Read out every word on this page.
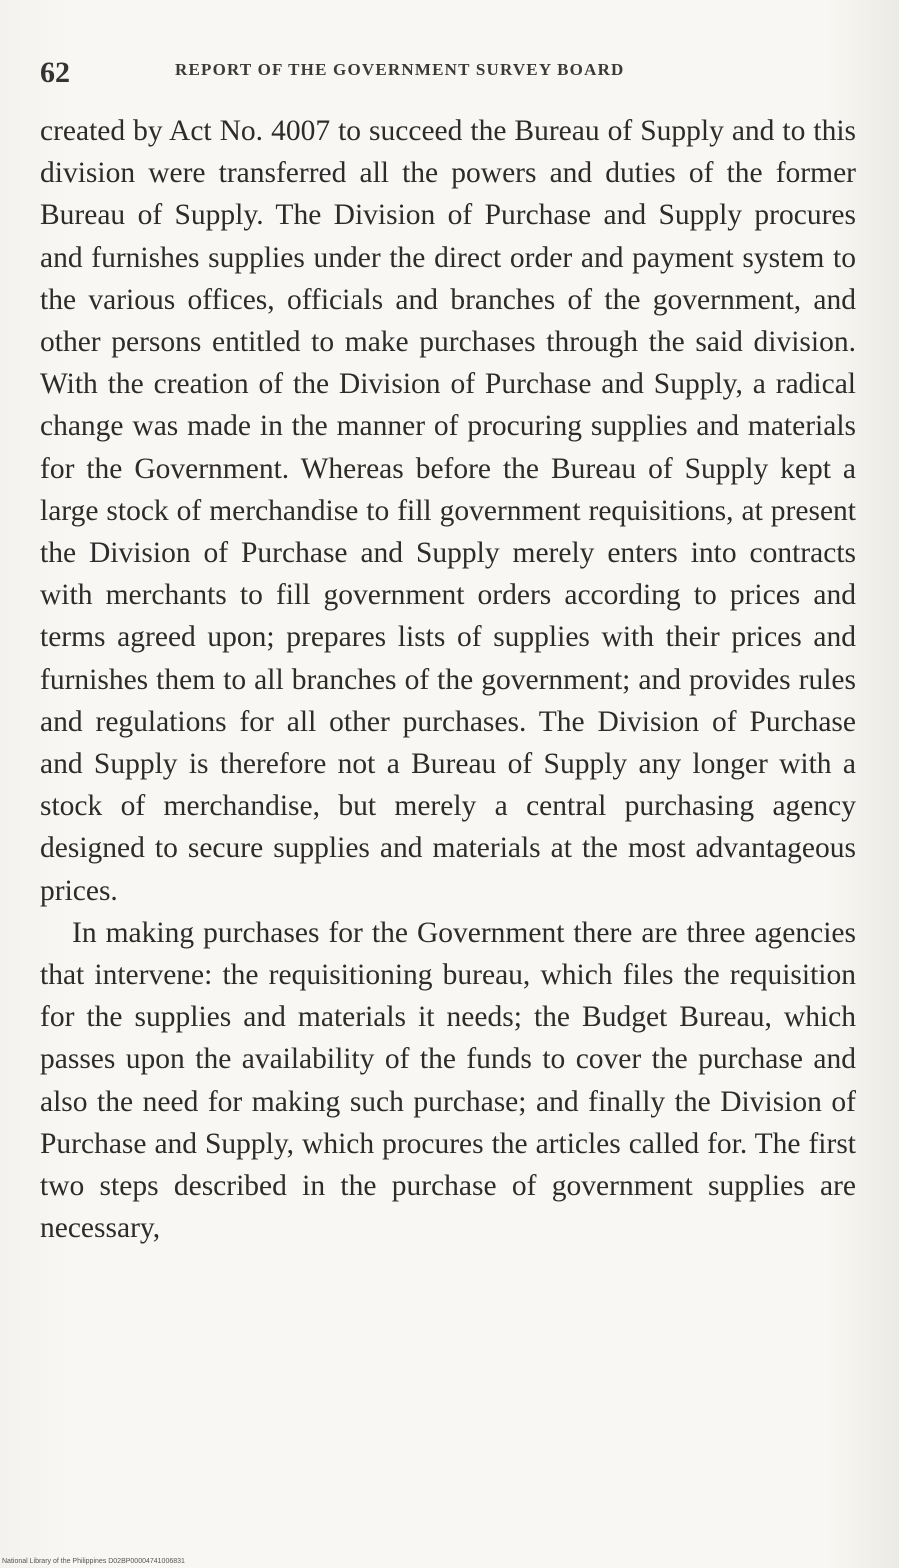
62	REPORT OF THE GOVERNMENT SURVEY BOARD

created by Act No. 4007 to succeed the Bureau of Supply and to this division were transferred all the powers and duties of the former Bureau of Supply. The Division of Purchase and Supply procures and furnishes supplies under the direct order and payment system to the various offices, officials and branches of the government, and other persons entitled to make purchases through the said division. With the creation of the Division of Purchase and Supply, a radical change was made in the manner of procuring supplies and materials for the Government. Whereas before the Bureau of Supply kept a large stock of merchandise to fill government requisitions, at present the Division of Purchase and Supply merely enters into contracts with merchants to fill government orders according to prices and terms agreed upon; prepares lists of supplies with their prices and furnishes them to all branches of the government; and provides rules and regulations for all other purchases. The Division of Purchase and Supply is therefore not a Bureau of Supply any longer with a stock of merchandise, but merely a central purchasing agency designed to secure supplies and materials at the most advantageous prices.

In making purchases for the Government there are three agencies that intervene: the requisitioning bureau, which files the requisition for the supplies and materials it needs; the Budget Bureau, which passes upon the availability of the funds to cover the purchase and also the need for making such purchase; and finally the Division of Purchase and Supply, which procures the articles called for. The first two steps described in the purchase of government supplies are necessary,

National Library of the Philippines D02BP00004741006831
